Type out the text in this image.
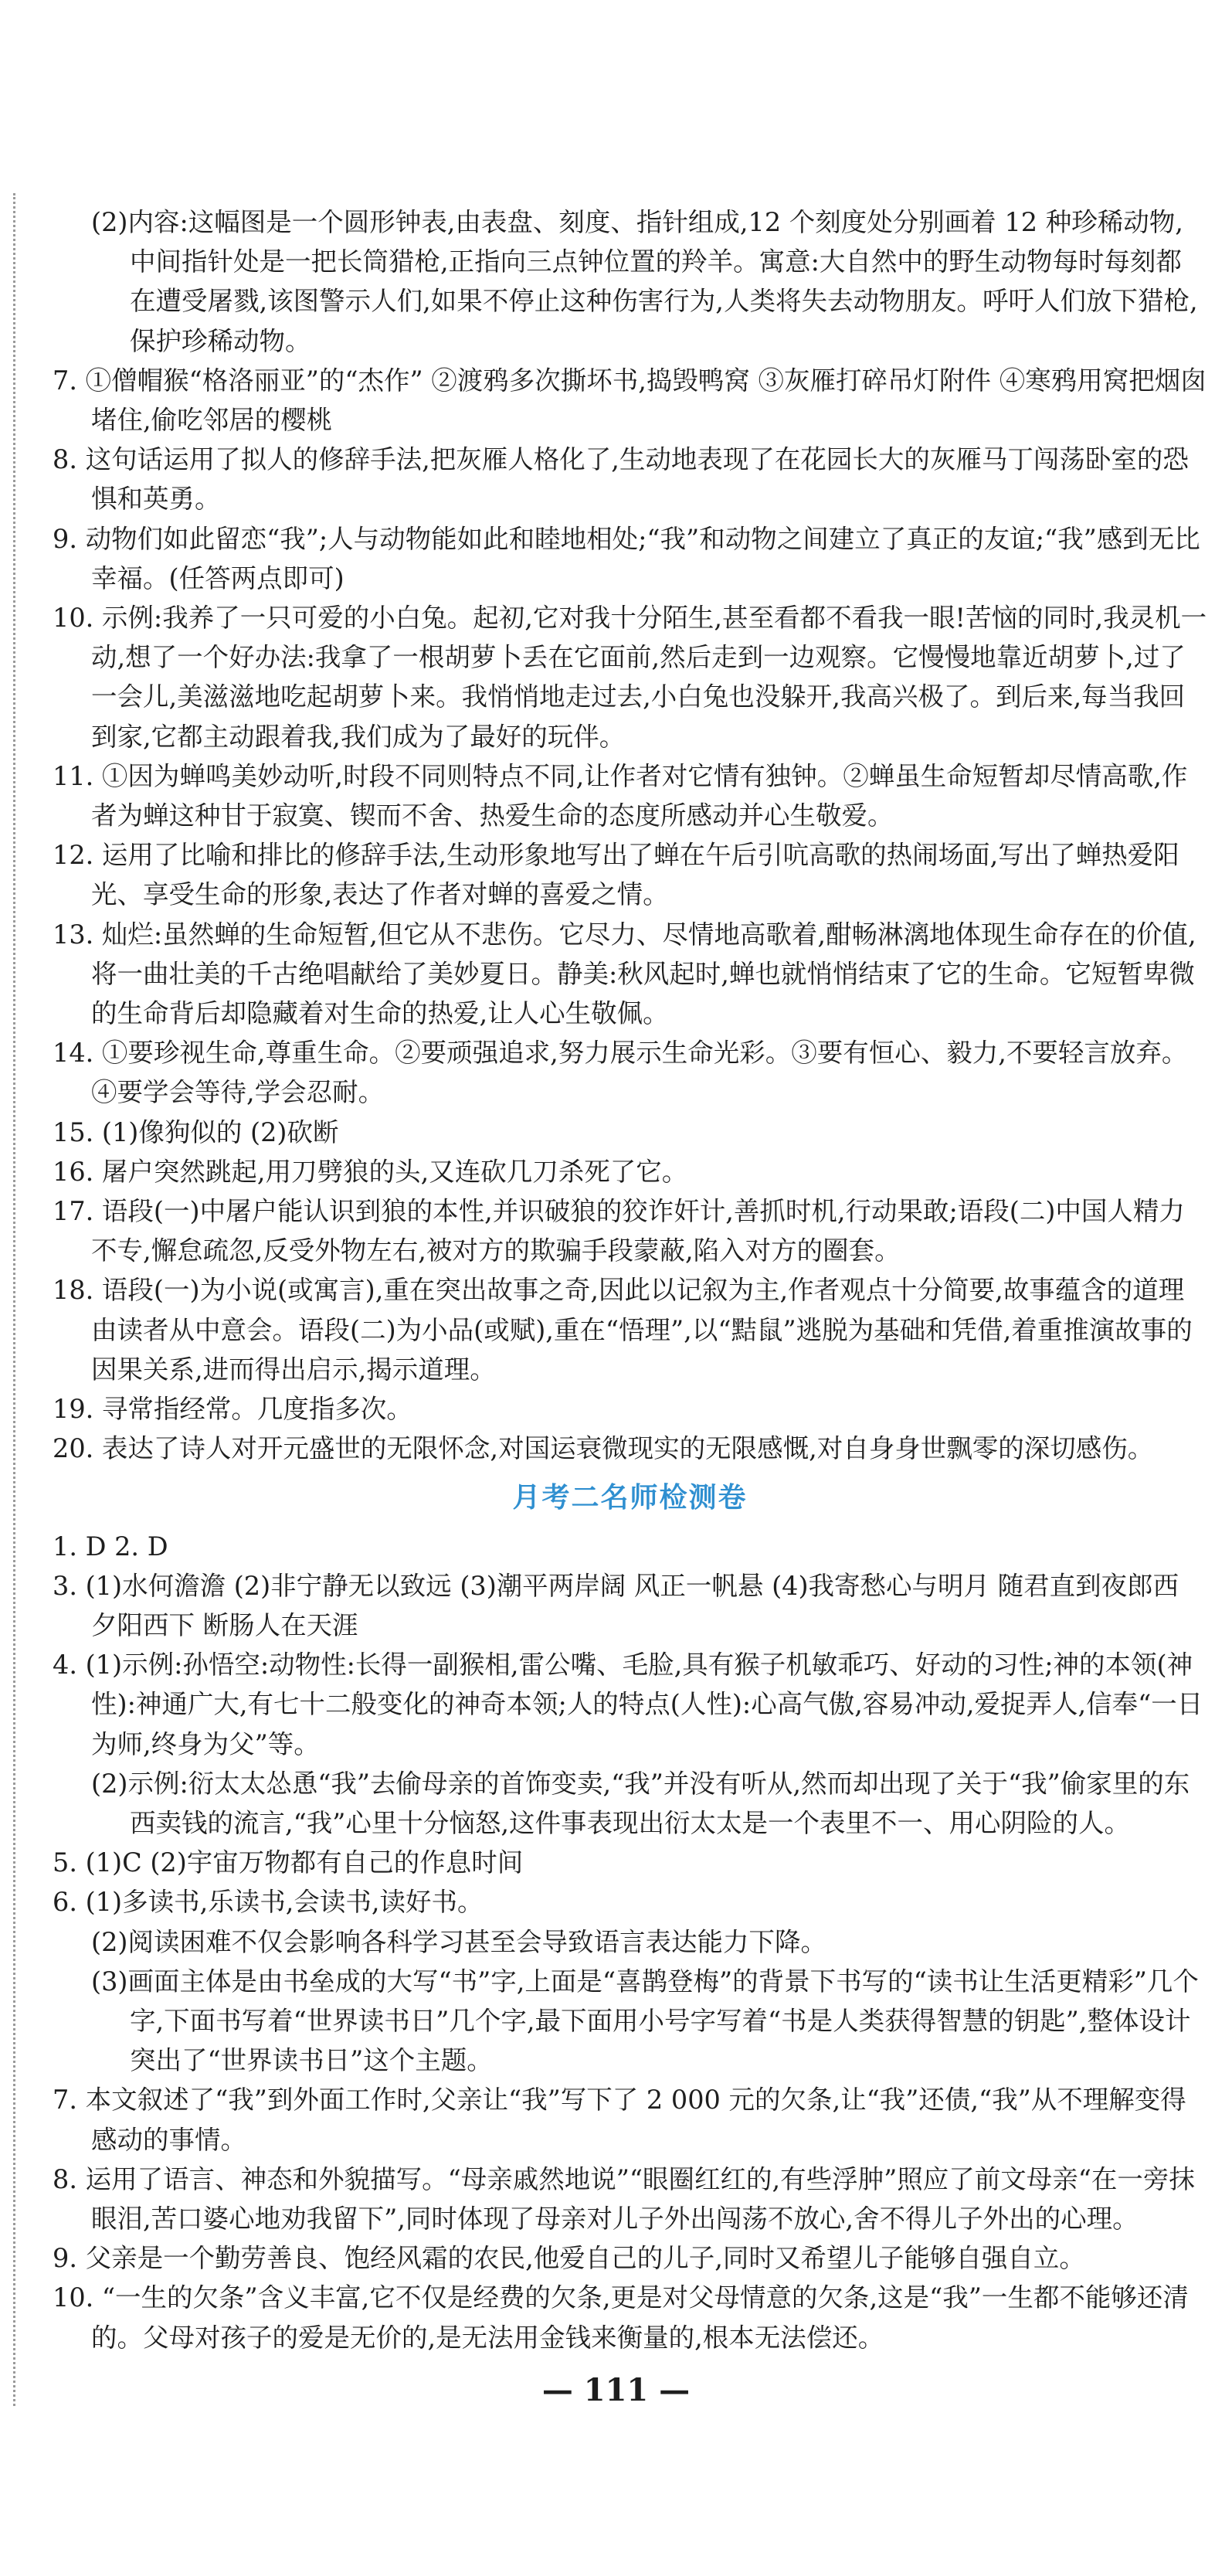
(2)内容:这幅图是一个圆形钟表,由表盘、刻度、指针组成,12 个刻度处分别画着 12 种珍稀动物,中间指针处是一把长筒猎枪,正指向三点钟位置的羚羊。寓意:大自然中的野生动物每时每刻都在遭受屠戮,该图警示人们,如果不停止这种伤害行为,人类将失去动物朋友。呼吁人们放下猎枪,保护珍稀动物。
7. ①僧帽猴“格洛丽亚”的“杰作” ②渡鸦多次撕坏书,捣毁鸭窝 ③灰雁打碎吊灯附件 ④寒鸦用窝把烟囱堵住,偷吃邻居的樱桃
8. 这句话运用了拟人的修辞手法,把灰雁人格化了,生动地表现了在花园长大的灰雁马丁闯荡卧室的恐惧和英勇。
9. 动物们如此留恋“我”;人与动物能如此和睦地相处;“我”和动物之间建立了真正的友谊;“我”感到无比幸福。(任答两点即可)
10. 示例:我养了一只可爱的小白兔。起初,它对我十分陌生,甚至看都不看我一眼!苦恼的同时,我灵机一动,想了一个好办法:我拿了一根胡萝卜丢在它面前,然后走到一边观察。它慢慢地靠近胡萝卜,过了一会儿,美滋滋地吃起胡萝卜来。我悄悄地走过去,小白兔也没躲开,我高兴极了。到后来,每当我回到家,它都主动跟着我,我们成为了最好的玩伴。
11. ①因为蝉鸣美妙动听,时段不同则特点不同,让作者对它情有独钟。②蝉虽生命短暂却尽情高歌,作者为蝉这种甘于寂寞、锲而不舍、热爱生命的态度所感动并心生敬爱。
12. 运用了比喻和排比的修辞手法,生动形象地写出了蝉在午后引吭高歌的热闹场面,写出了蝉热爱阳光、享受生命的形象,表达了作者对蝉的喜爱之情。
13. 灿烂:虽然蝉的生命短暂,但它从不悲伤。它尽力、尽情地高歌着,酣畅淋漓地体现生命存在的价值,将一曲壮美的千古绝唱献给了美妙夏日。静美:秋风起时,蝉也就悄悄结束了它的生命。它短暂卑微的生命背后却隐藏着对生命的热爱,让人心生敬佩。
14. ①要珍视生命,尊重生命。②要顽强追求,努力展示生命光彩。③要有恒心、毅力,不要轻言放弃。④要学会等待,学会忍耐。
15. (1)像狗似的 (2)砍断
16. 屠户突然跳起,用刀劈狼的头,又连砍几刀杀死了它。
17. 语段(一)中屠户能认识到狼的本性,并识破狼的狡诈奸计,善抓时机,行动果敢;语段(二)中国人精力不专,懈怠疏忽,反受外物左右,被对方的欺骗手段蒙蔽,陷入对方的圈套。
18. 语段(一)为小说(或寓言),重在突出故事之奇,因此以记叙为主,作者观点十分简要,故事蕴含的道理由读者从中意会。语段(二)为小品(或赋),重在“悟理”,以“黠鼠”逃脱为基础和凭借,着重推演故事的因果关系,进而得出启示,揭示道理。
19. 寻常指经常。几度指多次。
20. 表达了诗人对开元盛世的无限怀念,对国运衰微现实的无限感慨,对自身身世飘零的深切感伤。
月考二名师检测卷
1. D 2. D
3. (1)水何澹澹 (2)非宁静无以致远 (3)潮平两岸阔 风正一帆悬 (4)我寄愁心与明月 随君直到夜郎西 夕阳西下 断肠人在天涯
4. (1)示例:孙悟空:动物性:长得一副猴相,雷公嘴、毛脸,具有猴子机敏乖巧、好动的习性;神的本领(神性):神通广大,有七十二般变化的神奇本领;人的特点(人性):心高气傲,容易冲动,爱捉弄人,信奉“一日为师,终身为父”等。
(2)示例:衍太太怂恿“我”去偷母亲的首饰变卖,“我”并没有听从,然而却出现了关于“我”偷家里的东西卖钱的流言,“我”心里十分恼怒,这件事表现出衍太太是一个表里不一、用心阴险的人。
5. (1)C (2)宇宙万物都有自己的作息时间
6. (1)多读书,乐读书,会读书,读好书。
(2)阅读困难不仅会影响各科学习甚至会导致语言表达能力下降。
(3)画面主体是由书垒成的大写“书”字,上面是“喜鹊登梅”的背景下书写的“读书让生活更精彩”几个字,下面书写着“世界读书日”几个字,最下面用小号字写着“书是人类获得智慧的钥匙”,整体设计突出了“世界读书日”这个主题。
7. 本文叙述了“我”到外面工作时,父亲让“我”写下了 2 000 元的欠条,让“我”还债,“我”从不理解变得感动的事情。
8. 运用了语言、神态和外貌描写。“母亲戚然地说”“眼圈红红的,有些浮肿”照应了前文母亲“在一旁抹眼泪,苦口婆心地劝我留下”,同时体现了母亲对儿子外出闯荡不放心,舍不得儿子外出的心理。
9. 父亲是一个勤劳善良、饱经风霜的农民,他爱自己的儿子,同时又希望儿子能够自强自立。
10. “一生的欠条”含义丰富,它不仅是经费的欠条,更是对父母情意的欠条,这是“我”一生都不能够还清的。父母对孩子的爱是无价的,是无法用金钱来衡量的,根本无法偿还。
— 111 —
